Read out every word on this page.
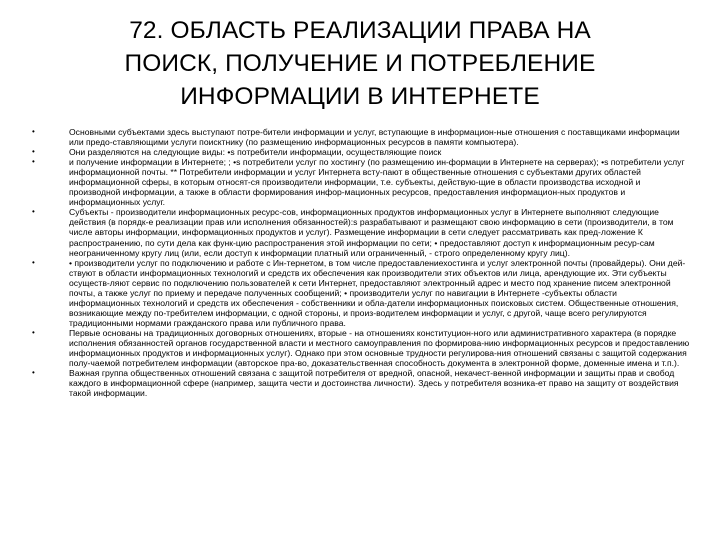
72. ОБЛАСТЬ РЕАЛИЗАЦИИ ПРАВА НА
ПОИСК, ПОЛУЧЕНИЕ И ПОТРЕБЛЕНИЕ
ИНФОРМАЦИИ В ИНТЕРНЕТЕ
•	Основными субъектами здесь выступают потре-бители информации и услуг, вступающие в информацион-ные отношения с поставщиками информации или предо-ставляющими услуги поисктнику (по размещению информационных ресурсов в памяти компьютера).
•	Они разделяются на следующие виды: •s потребители информации, осуществляющие поиск
•	и получение информации в Интернете; ; •s потребители услуг по хостингу (по размещению ин-формации в Интернете на серверах); •s потребители услуг информационной почты. ** Потребители информации и услуг Интернета всту-пают в общественные отношения с субъектами других областей информационной сферы, в которым относят-ся производители информации, т.е. субъекты, действую-щие в области производства исходной и производной информации, а также в области формирования инфор-мационных ресурсов, предоставления информацион-ных продуктов и информационных услуг.
•	Субъекты - производители информационных ресурс-сов, информационных продуктов информационных услуг в Интернете выполняют следующие действия (в порядк-е реализации прав или исполнения обязанностей):s разрабатывают и размещают свою информацию в сети (производители, в том числе авторы информации, информационных продуктов и услуг). Размещение информации в сети следует рассматривать как пред-ложение К распространению, по сути дела как функ-цию распространения этой информации по сети; • предоставляют доступ к информационным ресур-сам неограниченному кругу лиц (или, если доступ к информации платный или ограниченный, - строго определенному кругу лиц).
•	• производители услуг по подключению и работе с Ин-тернетом, в том числе предоставлениехостинга и услуг электронной почты (провайдеры). Они дей-ствуют в области информационных технологий и средств их обеспечения как производители этих объектов или лица, арендующие их. Эти субъекты осуществ-ляют сервис по подключению пользователей к сети Интернет, предоставляют электронный адрес и место под хранение писем электронной почты, а также услуг по приему и передаче полученных сообщений; • производители услуг по навигации в Интернете -субъекты области информационных технологий и средств их обеспечения - собственники и облa-датели информационных поисковых систем. Общественные отношения, возникающие между по-требителем информации, с одной стороны, и произ-водителем информации и услуг, с другой, чаще всего регулируются традиционными нормами гражданского права или публичного права.
•	Первые основаны на традиционных договорных отношениях, вторые - на отношениях конституцион-ного или административного характера (в порядке исполнения обязанностей органов государственной власти и местного самоуправления по формирова-нию информационных ресурсов и предоставлению информационных продуктов и информационных услуг). Однако при этом основные трудности регулирова-ния отношений связаны с защитой содержания полу-чаемой потребителем информации (авторское пра-во, доказательственная способность документа в электронной форме, доменные имена и т.п.).
•	Важная группа общественных отношений связана с защитой потребителя от вредной, опасной, некачест-венной информации и защиты прав и свобод каждого в информационной сфере (например, защита чести и достоинства личности). Здесь у потребителя возника-ет право на защиту от воздействия такой информации.
